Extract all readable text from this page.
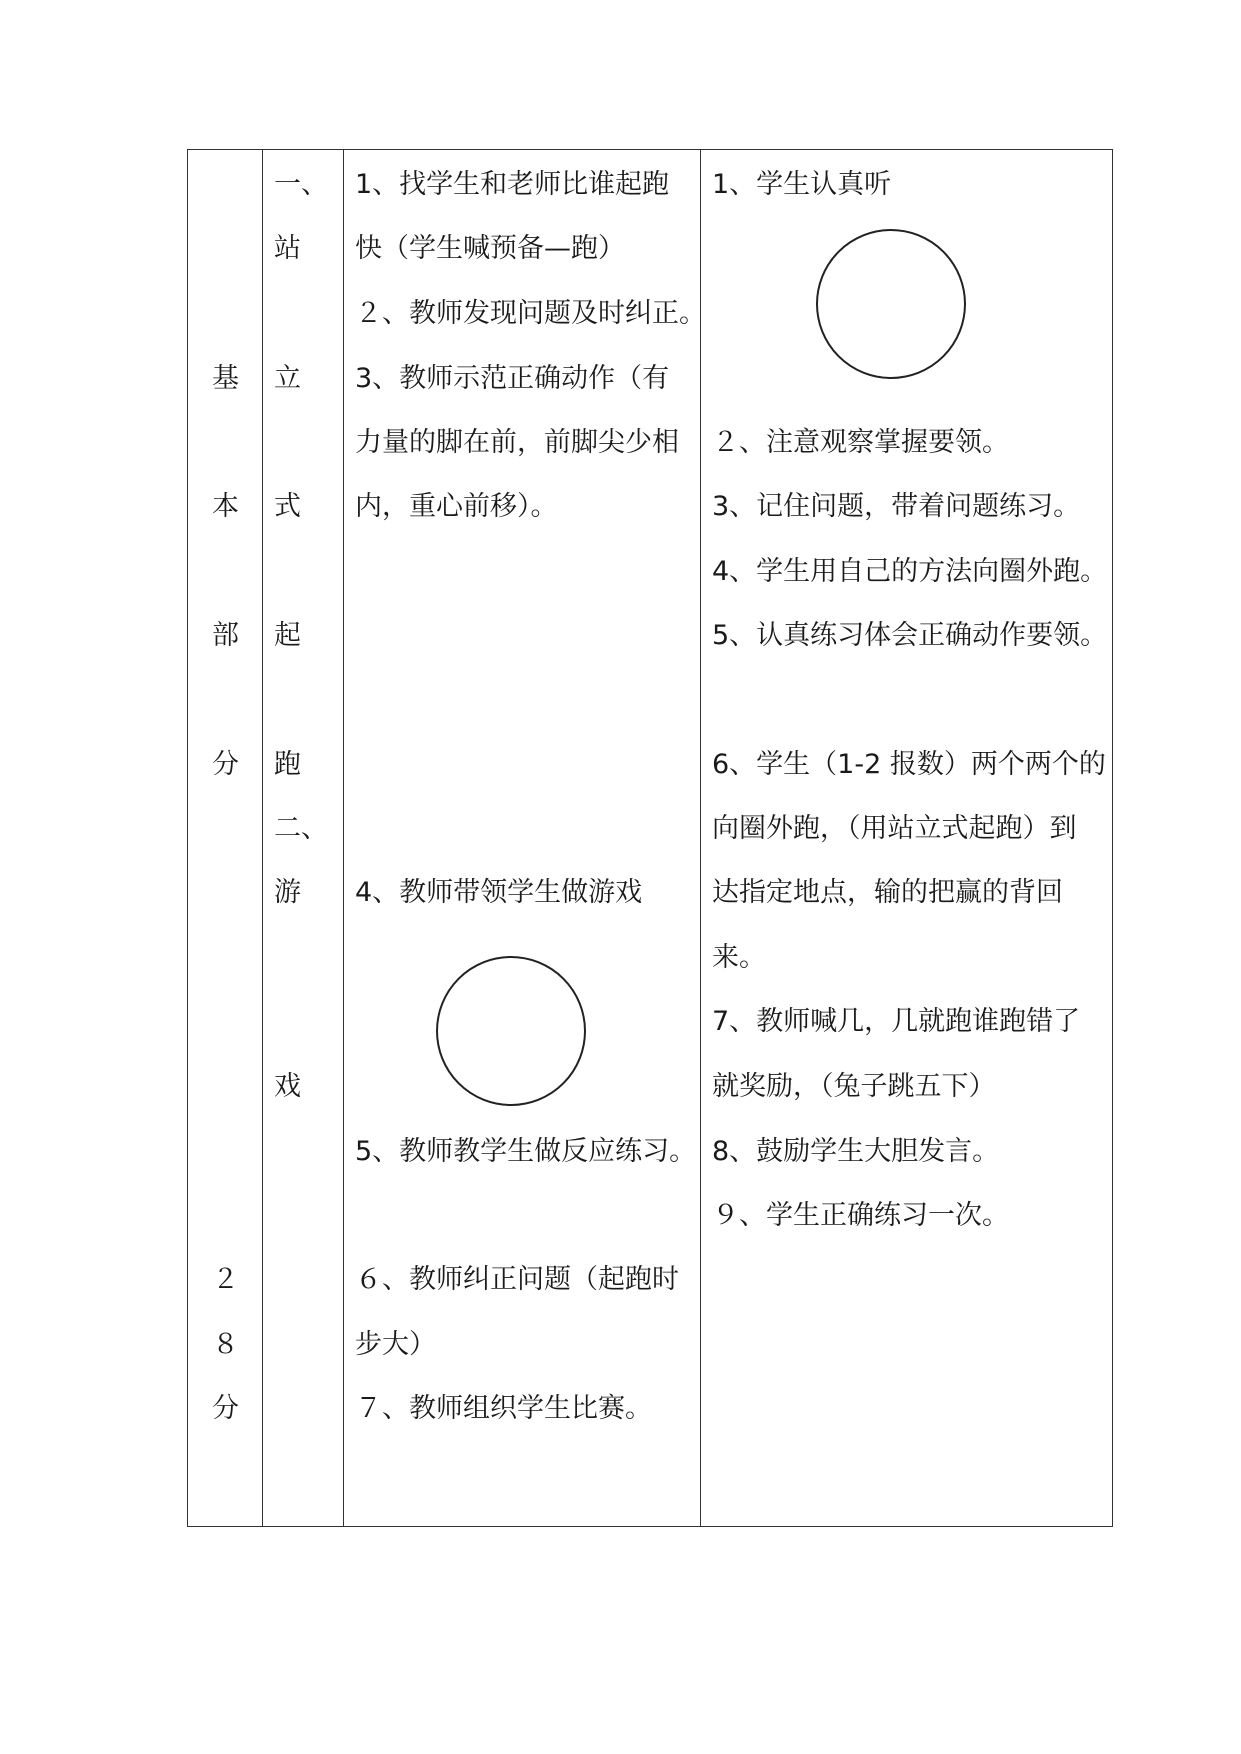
基
本
部
分
２
８
分
一、
站
立
式
起
跑
二、
游
戏
1、找学生和老师比谁起跑
快（学生喊预备—跑）
２、教师发现问题及时纠正。
3、教师示范正确动作（有
力量的脚在前，前脚尖少相
内，重心前移）。
4、教师带领学生做游戏
5、教师教学生做反应练习。
６、教师纠正问题（起跑时
步大）
７、教师组织学生比赛。
1、学生认真听
２、注意观察掌握要领。
3、记住问题，带着问题练习。
4、学生用自己的方法向圈外跑。
5、认真练习体会正确动作要领。
6、学生（1-2 报数）两个两个的
向圈外跑，（用站立式起跑）到
达指定地点，输的把赢的背回
来。
7、教师喊几，几就跑谁跑错了
就奖励，（兔子跳五下）
8、鼓励学生大胆发言。
９、学生正确练习一次。
